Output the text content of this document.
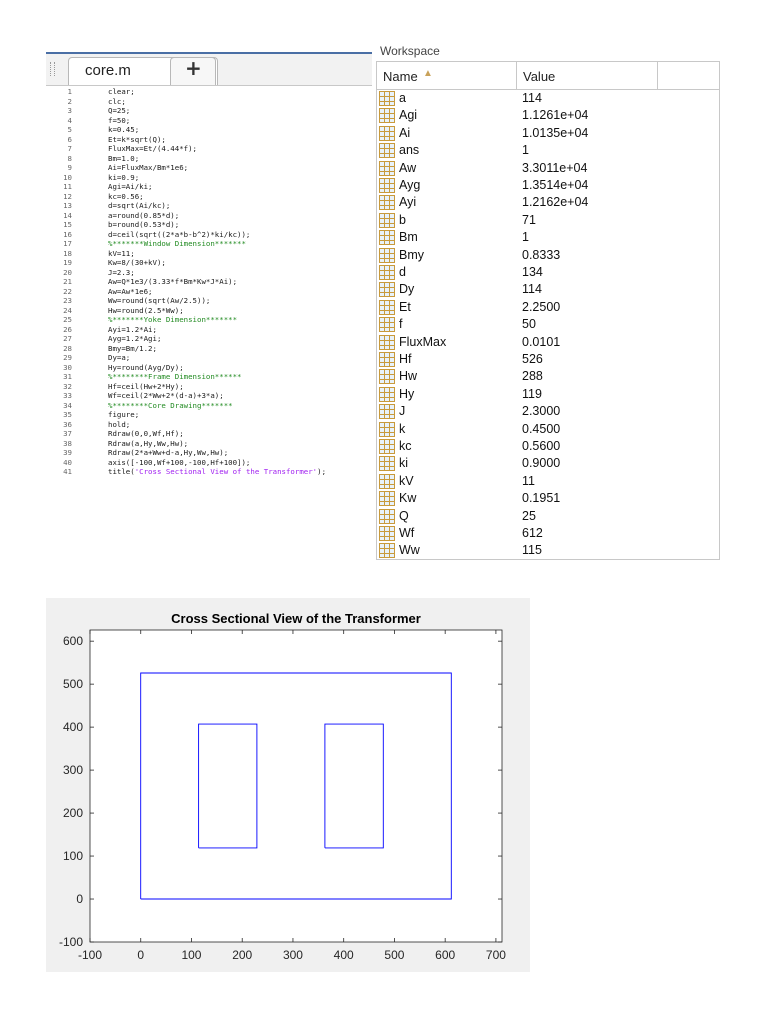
core.m	+
1	clear;
2	clc;
3	Q=25;
4	f=50;
5	k=0.45;
6	Et=k*sqrt(Q);
7	FluxMax=Et/(4.44*f);
8	Bm=1.0;
9	Ai=FluxMax/Bm*1e6;
10	ki=0.9;
11	Agi=Ai/ki;
12	kc=0.56;
13	d=sqrt(Ai/kc);
14	a=round(0.85*d);
15	b=round(0.53*d);
16	d=ceil(sqrt((2*a*b-b^2)*ki/kc));
17	%*******Window Dimension*******
18	kV=11;
19	Kw=8/(30+kV);
20	J=2.3;
21	Aw=Q*1e3/(3.33*f*Bm*Kw*J*Ai);
22	Aw=Aw*1e6;
23	Ww=round(sqrt(Aw/2.5));
24	Hw=round(2.5*Ww);
25	%*******Yoke Dimension*******
26	Ayi=1.2*Ai;
27	Ayg=1.2*Agi;
28	Bmy=Bm/1.2;
29	Dy=a;
30	Hy=round(Ayg/Dy);
31	%********Frame Dimension******
32	Hf=ceil(Hw+2*Hy);
33	Wf=ceil(2*Ww+2*(d-a)+3*a);
34	%********Core Drawing*******
35	figure;
36	hold;
37	Rdraw(0,0,Wf,Hf);
38	Rdraw(a,Hy,Ww,Hw);
39	Rdraw(2*a+Ww+d-a,Hy,Ww,Hw);
40	axis([-100,Wf+100,-100,Hf+100]);
41	title('Cross Sectional View of the Transformer');
Workspace
Name ▲	Value
a	114
Agi	1.1261e+04
Ai	1.0135e+04
ans	1
Aw	3.3011e+04
Ayg	1.3514e+04
Ayi	1.2162e+04
b	71
Bm	1
Bmy	0.8333
d	134
Dy	114
Et	2.2500
f	50
FluxMax	0.0101
Hf	526
Hw	288
Hy	119
J	2.3000
k	0.4500
kc	0.5600
ki	0.9000
kV	11
Kw	0.1951
Q	25
Wf	612
Ww	115
Cross Sectional View of the Transformer
-100	0	100	200	300	400	500	600	700
-100
0
100
200
300
400
500
600
